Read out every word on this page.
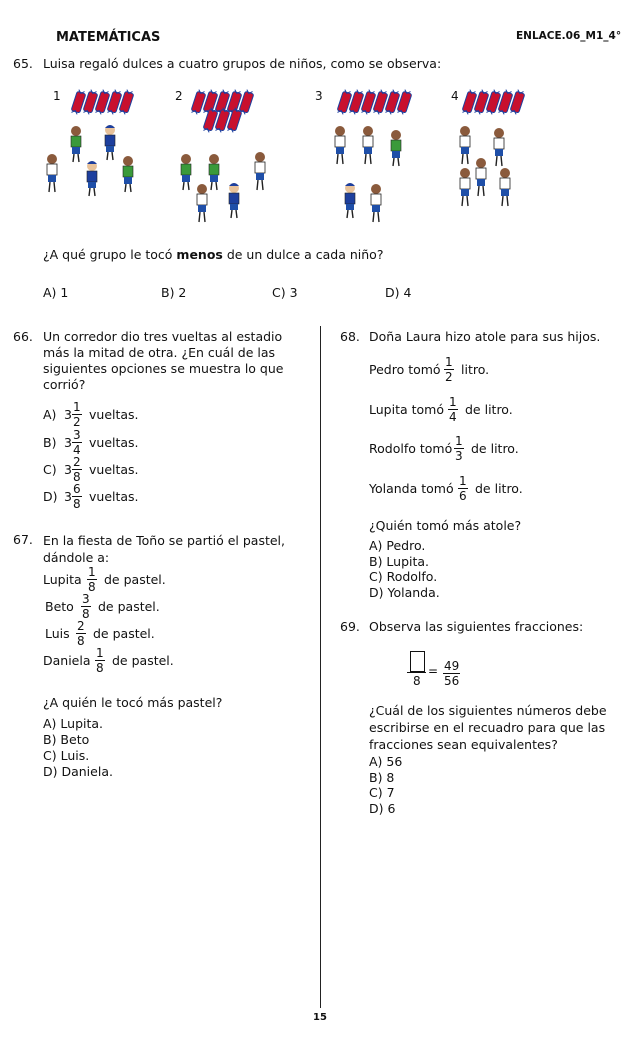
MATEMÁTICAS	ENLACE.06_M1_4°
65. Luisa regaló dulces a cuatro grupos de niños, como se observa:
1	2	3	4
¿A qué grupo le tocó menos de un dulce a cada niño?
A) 1	B) 2	C) 3	D) 4
66. Un corredor dio tres vueltas al estadio
más la mitad de otra. ¿En cuál de las
siguientes opciones se muestra lo que
corrió?
A) 3 1
2 vueltas.
B) 3 3
4 vueltas.
C) 3 2
8 vueltas.
D) 3 6
8 vueltas.
67. En la fiesta de Toño se partió el pastel,
dándole a:
Lupita 1
8 de pastel.
Beto 3
8 de pastel.
Luis 2
8 de pastel.
Daniela 1
8 de pastel.
¿A quién le tocó más pastel?
A) Lupita.
B) Beto
C) Luis.
D) Daniela.
68. Doña Laura hizo atole para sus hijos.
Pedro tomó 1
2 litro.
Lupita tomó 1
4 de litro.
Rodolfo tomó 1
3 de litro.
Yolanda tomó 1
6 de litro.
¿Quién tomó más atole?
A) Pedro.
B) Lupita.
C) Rodolfo.
D) Yolanda.
69. Observa las siguientes fracciones:
8
= 49
56
¿Cuál de los siguientes números debe
escribirse en el recuadro para que las
fracciones sean equivalentes?
A) 56
B) 8
C) 7
D) 6
15
